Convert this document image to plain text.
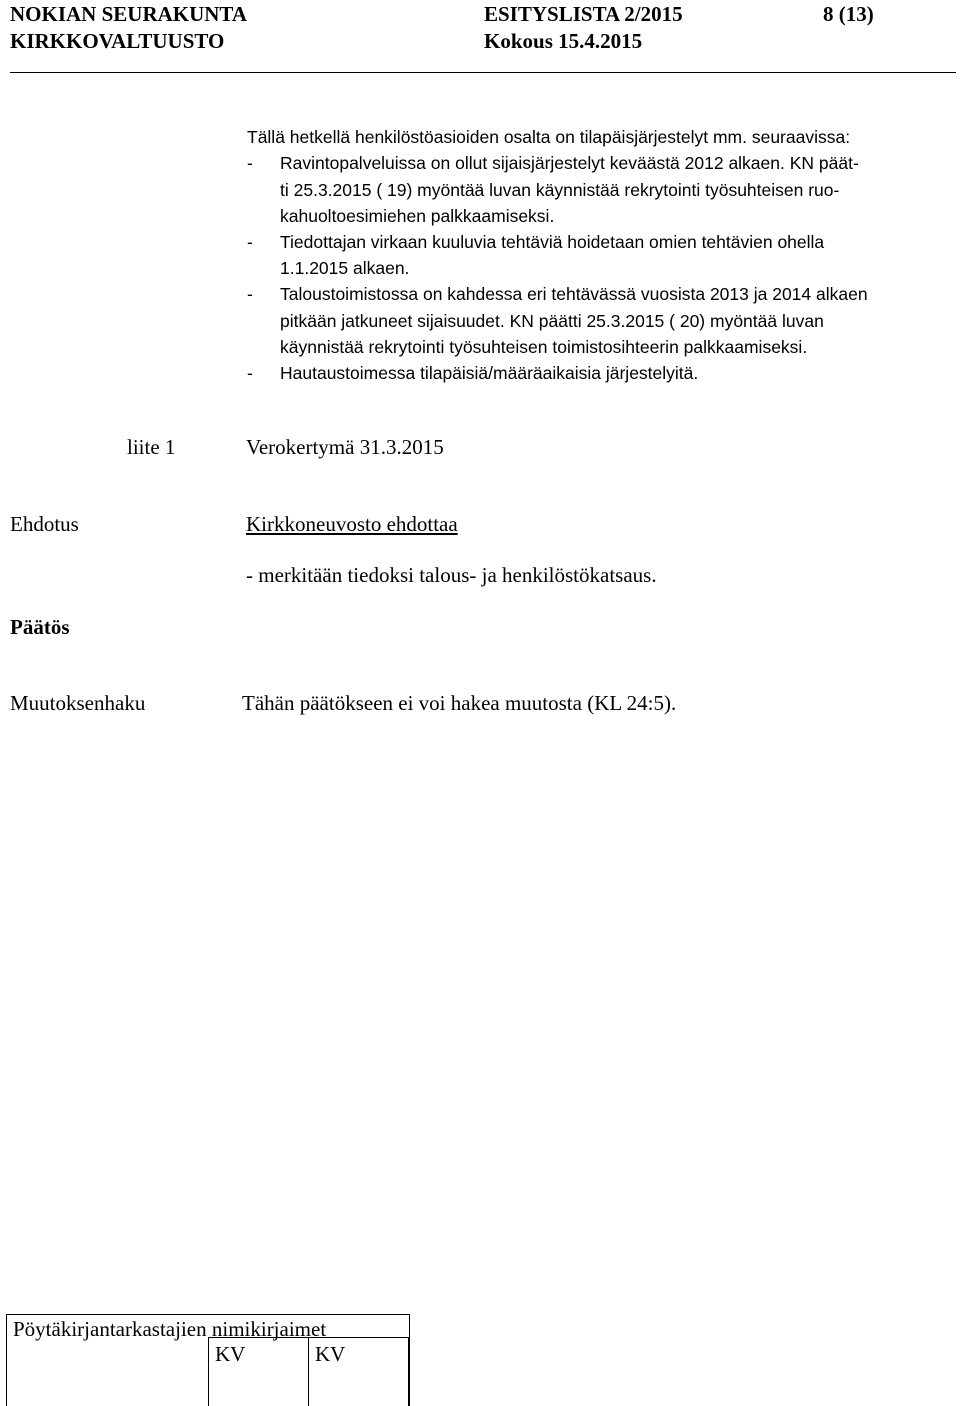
NOKIAN SEURAKUNTA	ESITYSLISTA 2/2015	8 (13)
KIRKKOVALTUUSTO	Kokous 15.4.2015
Tällä hetkellä henkilöstöasioiden osalta on tilapäisjärjestelyt mm. seuraavissa:
- Ravintopalveluissa on ollut sijaisjärjestelyt keväästä 2012 alkaen. KN päät-
ti 25.3.2015 ( 19) myöntää luvan käynnistää rekrytointi työsuhteisen ruo-
kahuoltoesimiehen palkkaamiseksi.
- Tiedottajan virkaan kuuluvia tehtäviä hoidetaan omien tehtävien ohella
1.1.2015 alkaen.
- Taloustoimistossa on kahdessa eri tehtävässä vuosista 2013 ja 2014 alkaen
pitkään jatkuneet sijaisuudet. KN päätti 25.3.2015 ( 20) myöntää luvan
käynnistää rekrytointi työsuhteisen toimistosihteerin palkkaamiseksi.
- Hautaustoimessa tilapäisiä/määräaikaisia järjestelyitä.
liite 1	Verokertymä 31.3.2015
Ehdotus	Kirkkoneuvosto ehdottaa
- merkitään tiedoksi talous- ja henkilöstökatsaus.
Päätös
Muutoksenhaku	Tähän päätökseen ei voi hakea muutosta (KL 24:5).
Pöytäkirjantarkastajien nimikirjaimet
KV	KV
